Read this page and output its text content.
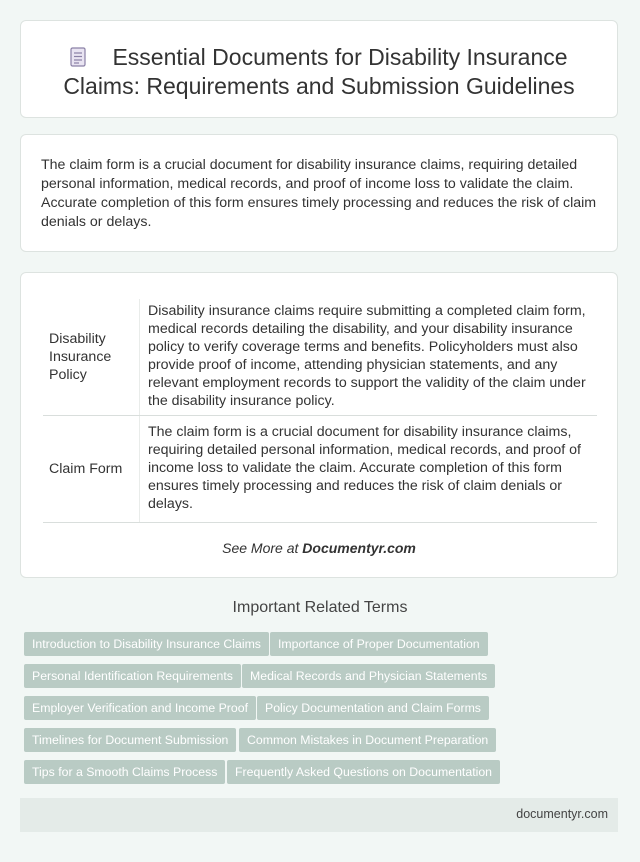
Essential Documents for Disability Insurance
Claims: Requirements and Submission Guidelines

The claim form is a crucial document for disability insurance claims, requiring detailed personal information, medical records, and proof of income loss to validate the claim. Accurate completion of this form ensures timely processing and reduces the risk of claim denials or delays.

Disability Insurance Policy	Disability insurance claims require submitting a completed claim form, medical records detailing the disability, and your disability insurance policy to verify coverage terms and benefits. Policyholders must also provide proof of income, attending physician statements, and any relevant employment records to support the validity of the claim under the disability insurance policy.
Claim Form	The claim form is a crucial document for disability insurance claims, requiring detailed personal information, medical records, and proof of income loss to validate the claim. Accurate completion of this form ensures timely processing and reduces the risk of claim denials or delays.
See More at Documentyr.com
Important Related Terms
Introduction to Disability Insurance Claims	Importance of Proper Documentation
Personal Identification Requirements	Medical Records and Physician Statements
Employer Verification and Income Proof	Policy Documentation and Claim Forms
Timelines for Document Submission	Common Mistakes in Document Preparation
Tips for a Smooth Claims Process	Frequently Asked Questions on Documentation
documentyr.com
